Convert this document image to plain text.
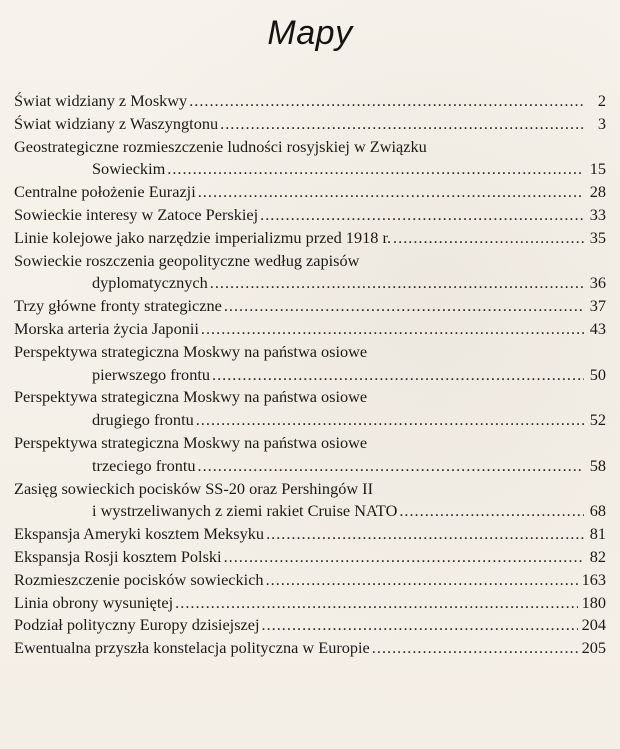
Mapy
Świat widziany z Moskwy .....	2
Świat widziany z Waszyngtonu .....	3
Geostrategiczne rozmieszczenie ludności rosyjskiej w Związku
Sowieckim .....	15
Centralne położenie Eurazji .....	28
Sowieckie interesy w Zatoce Perskiej .....	33
Linie kolejowe jako narzędzie imperializmu przed 1918 r. .....	35
Sowieckie roszczenia geopolityczne według zapisów
dyplomatycznych .....	36
Trzy główne fronty strategiczne .....	37
Morska arteria życia Japonii .....	43
Perspektywa strategiczna Moskwy na państwa osiowe
pierwszego frontu .....	50
Perspektywa strategiczna Moskwy na państwa osiowe
drugiego frontu .....	52
Perspektywa strategiczna Moskwy na państwa osiowe
trzeciego frontu .....	58
Zasięg sowieckich pocisków SS-20 oraz Pershingów II
i wystrzeliwanych z ziemi rakiet Cruise NATO .....	68
Ekspansja Ameryki kosztem Meksyku .....	81
Ekspansja Rosji kosztem Polski .....	82
Rozmieszczenie pocisków sowieckich .....	163
Linia obrony wysuniętej .....	180
Podział polityczny Europy dzisiejszej .....	204
Ewentualna przyszła konstelacja polityczna w Europie .....	205
